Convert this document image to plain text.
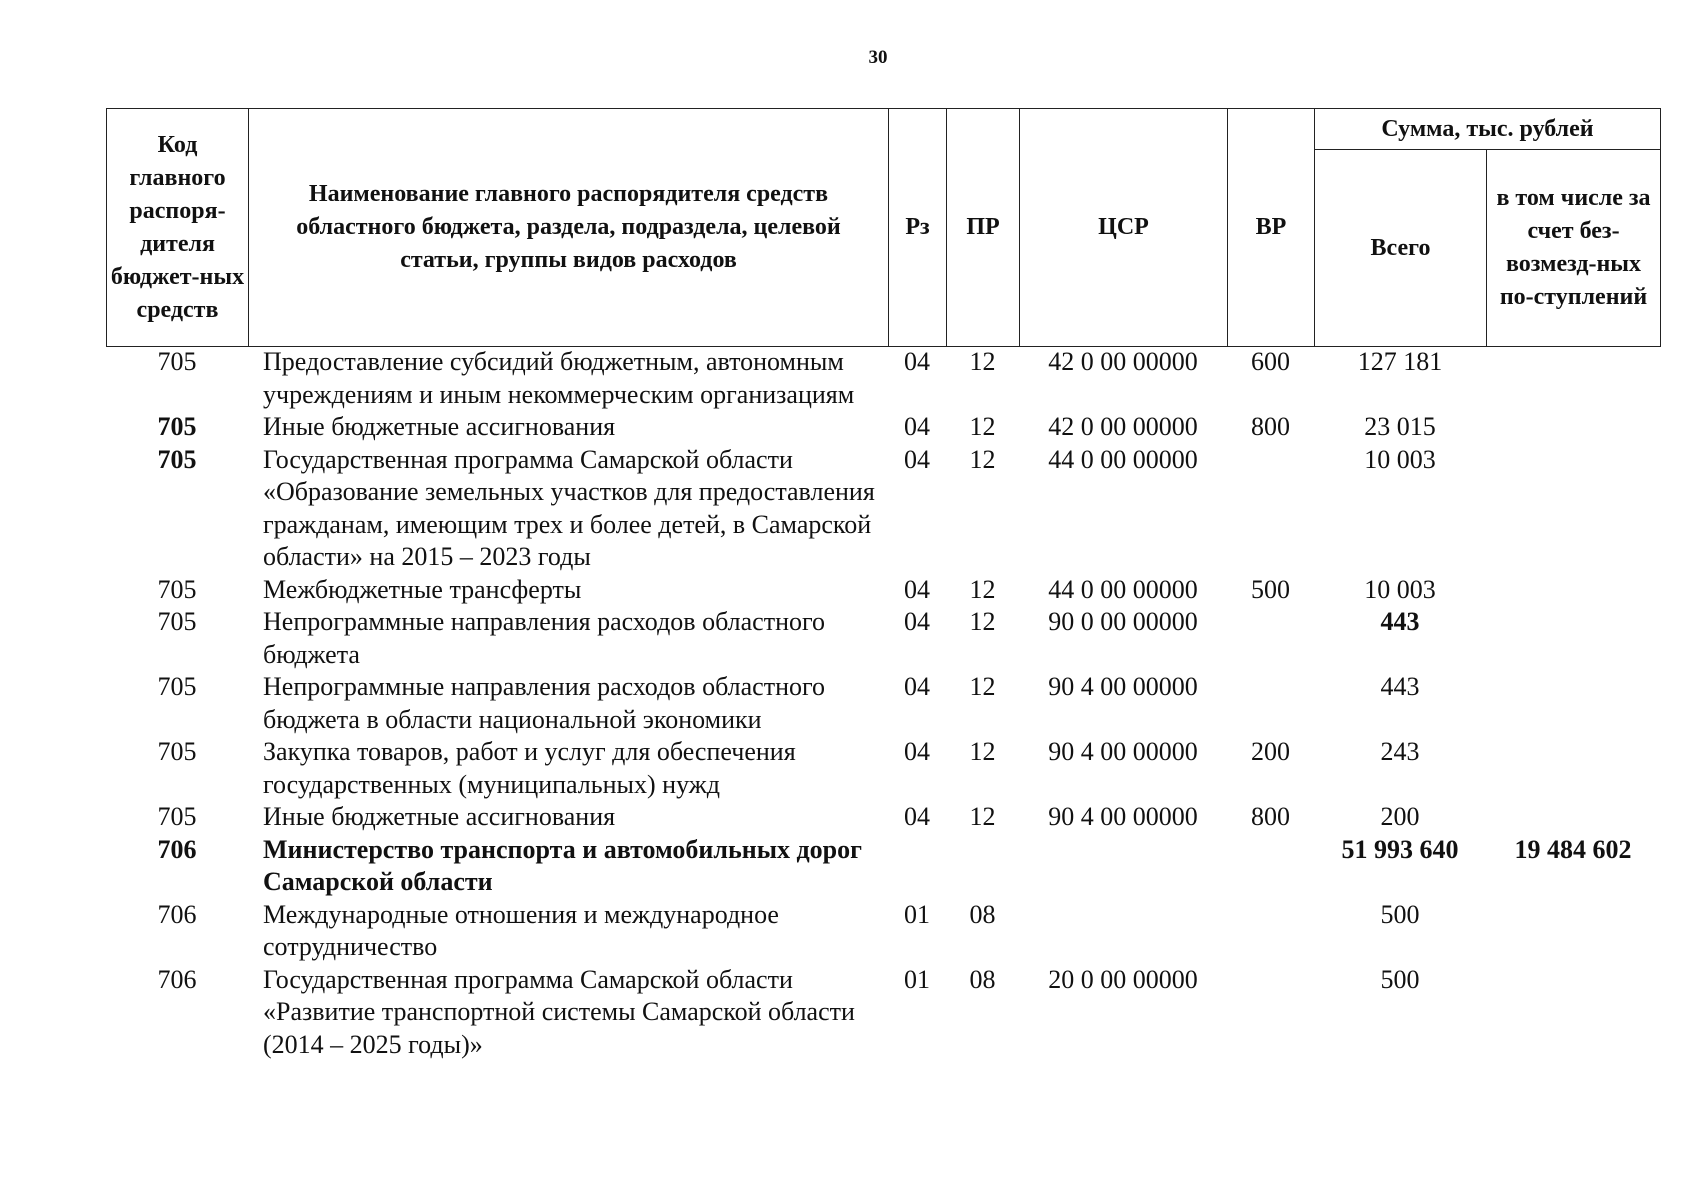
30
Код главного распоря-дителя бюджет-ных средств	Наименование главного распорядителя средств областного бюджета, раздела, подраздела, целевой статьи, группы видов расходов	Рз	ПР	ЦСР	ВР	Сумма, тыс. рублей	
						Всего	в том числе за счет без-возмезд-ных по-ступлений
705	Предоставление субсидий бюджетным, автономным учреждениям и иным некоммерческим организациям	04	12	42 0 00 00000	600	127 181	
705	Иные бюджетные ассигнования	04	12	42 0 00 00000	800	23 015	
705	Государственная программа Самарской области «Образование земельных участков для предоставления гражданам, имеющим трех и более детей, в Самарской области» на 2015 – 2023 годы	04	12	44 0 00 00000		10 003	
705	Межбюджетные трансферты	04	12	44 0 00 00000	500	10 003	
705	Непрограммные направления расходов областного бюджета	04	12	90 0 00 00000		443	
705	Непрограммные направления расходов областного бюджета в области национальной экономики	04	12	90 4 00 00000		443	
705	Закупка товаров, работ и услуг для обеспечения государственных (муниципальных) нужд	04	12	90 4 00 00000	200	243	
705	Иные бюджетные ассигнования	04	12	90 4 00 00000	800	200	
706	Министерство транспорта и автомобильных дорог Самарской области					51 993 640	19 484 602
706	Международные отношения и международное сотрудничество	01	08			500	
706	Государственная программа Самарской области «Развитие транспортной системы Самарской области (2014 – 2025 годы)»	01	08	20 0 00 00000		500	
